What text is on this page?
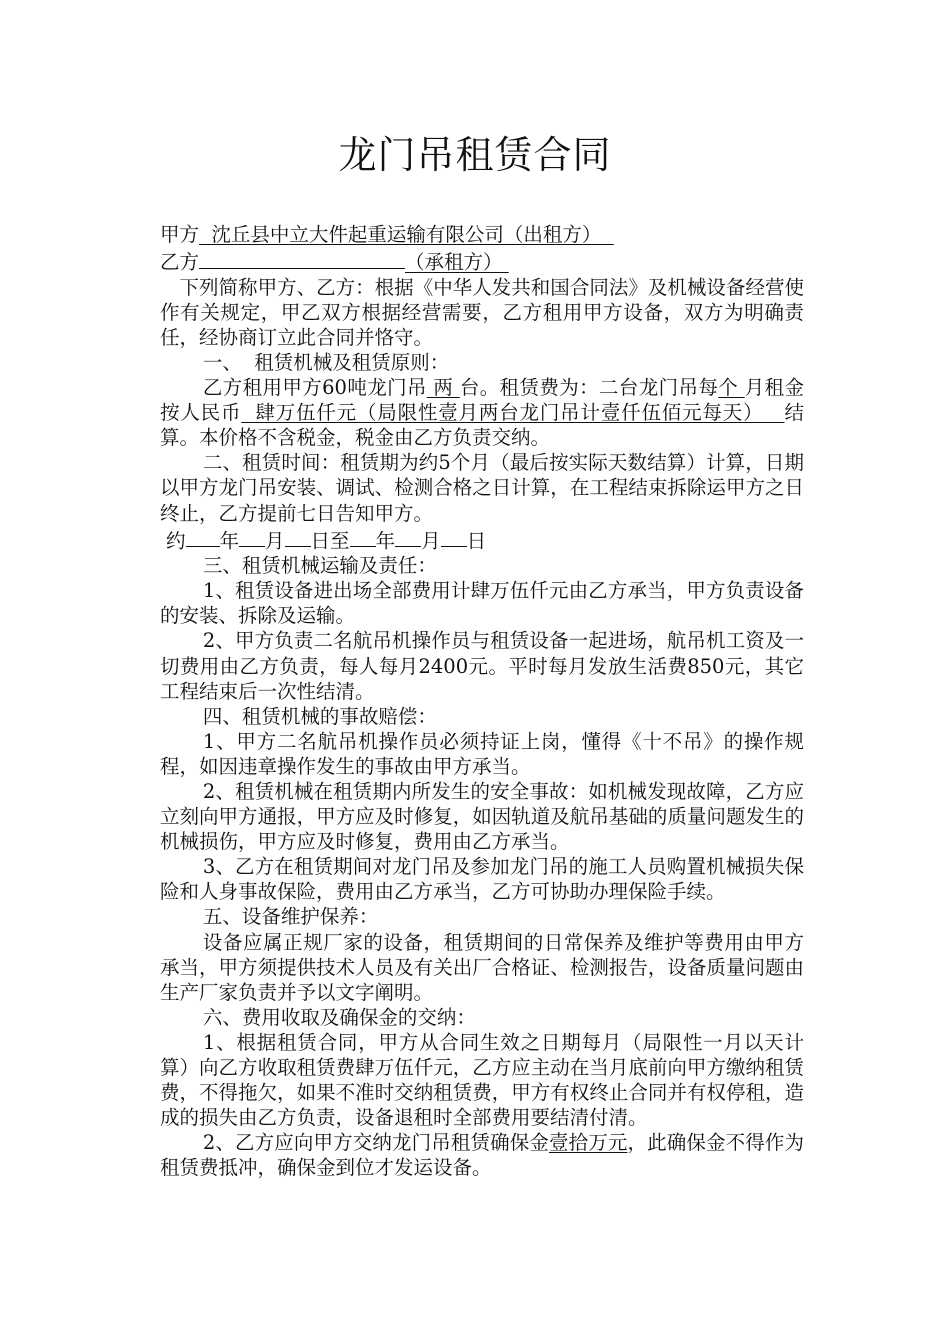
龙门吊租赁合同

甲方  沈丘县中立大件起重运输有限公司（出租方）

乙方	（承租方）

下列简称甲方、乙方：根据《中华人发共和国合同法》及机械设备经营使作有关规定，甲乙双方根据经营需要，乙方租用甲方设备，双方为明确责任，经协商订立此合同并恪守。

一、  租赁机械及租赁原则：

乙方租用甲方60吨龙门吊 两 台。租赁费为：二台龙门吊每个 月租金按人民币  肆万伍仟元（局限性壹月两台龙门吊计壹仟伍佰元每天） 结算。本价格不含税金，税金由乙方负责交纳。

二、租赁时间：租赁期为约5个月（最后按实际天数结算）计算，日期以甲方龙门吊安装、调试、检测合格之日计算，在工程结束拆除运甲方之日终止，乙方提前七日告知甲方。

约 年 月 日至 年 月 日

三、租赁机械运输及责任：

1、租赁设备进出场全部费用计肆万伍仟元由乙方承当，甲方负责设备的安装、拆除及运输。

2、甲方负责二名航吊机操作员与租赁设备一起进场，航吊机工资及一切费用由乙方负责，每人每月2400元。平时每月发放生活费850元，其它工程结束后一次性结清。

四、租赁机械的事故赔偿：

1、甲方二名航吊机操作员必须持证上岗，懂得《十不吊》的操作规程，如因违章操作发生的事故由甲方承当。

2、租赁机械在租赁期内所发生的安全事故：如机械发现故障，乙方应立刻向甲方通报，甲方应及时修复，如因轨道及航吊基础的质量问题发生的机械损伤，甲方应及时修复，费用由乙方承当。

3、乙方在租赁期间对龙门吊及参加龙门吊的施工人员购置机械损失保险和人身事故保险，费用由乙方承当，乙方可协助办理保险手续。

五、设备维护保养：

设备应属正规厂家的设备，租赁期间的日常保养及维护等费用由甲方承当，甲方须提供技术人员及有关出厂合格证、检测报告，设备质量问题由生产厂家负责并予以文字阐明。

六、费用收取及确保金的交纳：

1、根据租赁合同，甲方从合同生效之日期每月（局限性一月以天计算）向乙方收取租赁费肆万伍仟元，乙方应主动在当月底前向甲方缴纳租赁费，不得拖欠，如果不准时交纳租赁费，甲方有权终止合同并有权停租，造成的损失由乙方负责，设备退租时全部费用要结清付清。

2、乙方应向甲方交纳龙门吊租赁确保金壹拾万元，此确保金不得作为租赁费抵冲，确保金到位才发运设备。
